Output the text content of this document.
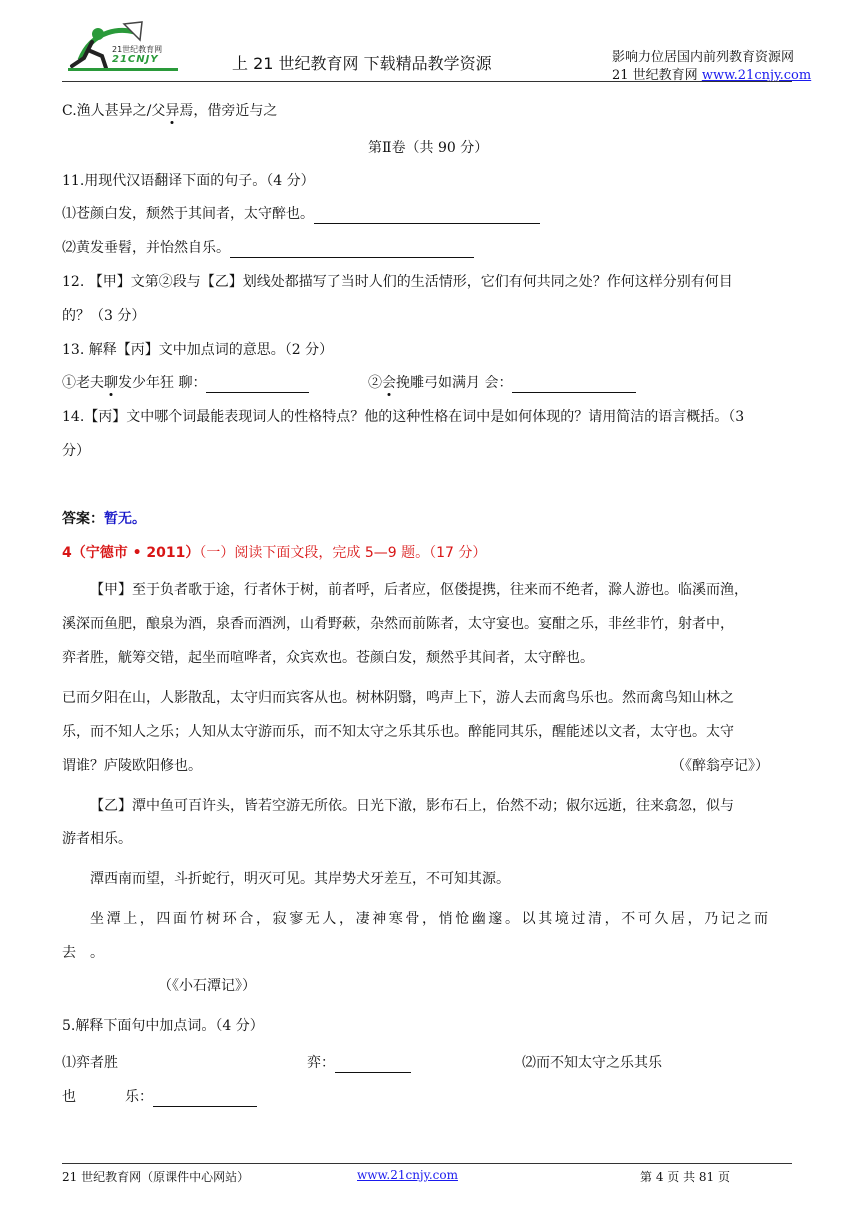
21世纪教育网
21CNJY	上 21 世纪教育网 下载精品教学资源	影响力位居国内前列教育资源网
21 世纪教育网 www.21cnjy.com
C.渔人甚异之/父异焉，借旁近与之
第Ⅱ卷（共 90 分）
11.用现代汉语翻译下面的句子。（4 分）
⑴苍颜白发，颓然于其间者，太守醉也。
⑵黄发垂髫，并怡然自乐。
12. 【甲】文第②段与【乙】划线处都描写了当时人们的生活情形，它们有何共同之处？作何这样分别有何目
的？（3 分）
13. 解释【丙】文中加点词的意思。（2 分）
①老夫聊发少年狂 聊：	②会挽雕弓如满月 会：
14.【丙】文中哪个词最能表现词人的性格特点？他的这种性格在词中是如何体现的？请用简洁的语言概括。（3
分）
答案：暂无。
4（宁德市 • 2011）（一）阅读下面文段，完成 5—9 题。（17 分）
【甲】至于负者歌于途，行者休于树，前者呼，后者应，伛偻提携，往来而不绝者，滁人游也。临溪而渔，
溪深而鱼肥，酿泉为酒，泉香而酒洌，山肴野蔌，杂然而前陈者，太守宴也。宴酣之乐，非丝非竹，射者中，
弈者胜，觥筹交错，起坐而喧哗者，众宾欢也。苍颜白发，颓然乎其间者，太守醉也。
已而夕阳在山，人影散乱，太守归而宾客从也。树林阴翳，鸣声上下，游人去而禽鸟乐也。然而禽鸟知山林之
乐，而不知人之乐；人知从太守游而乐，而不知太守之乐其乐也。醉能同其乐，醒能述以文者，太守也。太守
谓谁？庐陵欧阳修也。	（《醉翁亭记》）
【乙】潭中鱼可百许头，皆若空游无所依。日光下澈，影布石上，佁然不动；俶尔远逝，往来翕忽，似与
游者相乐。
潭西南而望，斗折蛇行，明灭可见。其岸势犬牙差互，不可知其源。
坐潭上，四面竹树环合，寂寥无人，凄神寒骨，悄怆幽邃。以其境过清，不可久居，乃记之而
去　。
（《小石潭记》）
5.解释下面句中加点词。（4 分）
⑴弈者胜	弈：	⑵而不知太守之乐其乐
也	乐：
21 世纪教育网（原课件中心网站）	www.21cnjy.com	第 4 页 共 81 页
